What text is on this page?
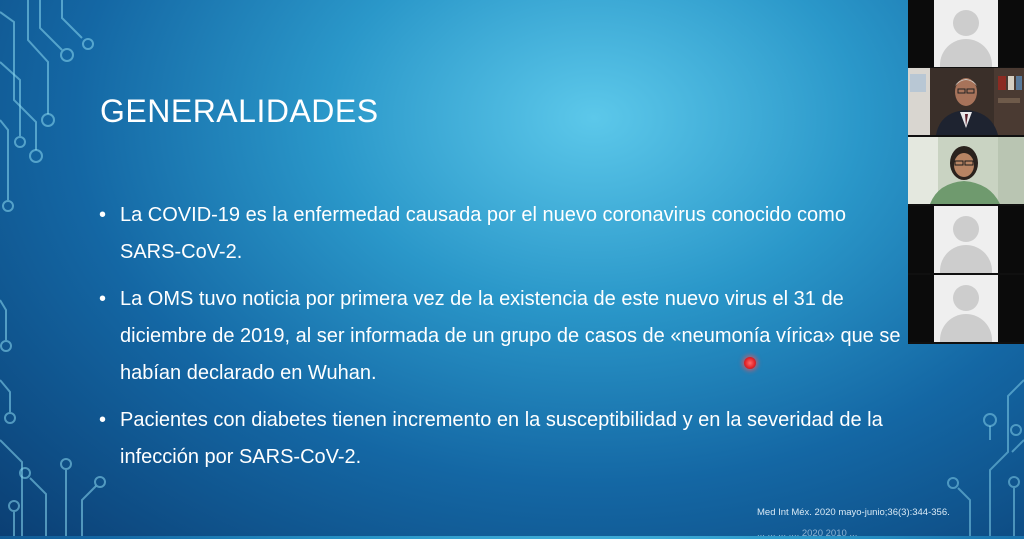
GENERALIDADES
• La COVID-19 es la enfermedad causada por el nuevo coronavirus conocido como SARS-CoV-2.
• La OMS tuvo noticia por primera vez de la existencia de este nuevo virus el 31 de diciembre de 2019, al ser informada de un grupo de casos de «neumonía vírica» que se habían declarado en Wuhan.
• Pacientes con diabetes tienen incremento en la susceptibilidad y en la severidad de la infección por SARS-CoV-2.
Med Int Méx. 2020 mayo-junio;36(3):344-356.
... ... ... .... 2020 2010 ...
